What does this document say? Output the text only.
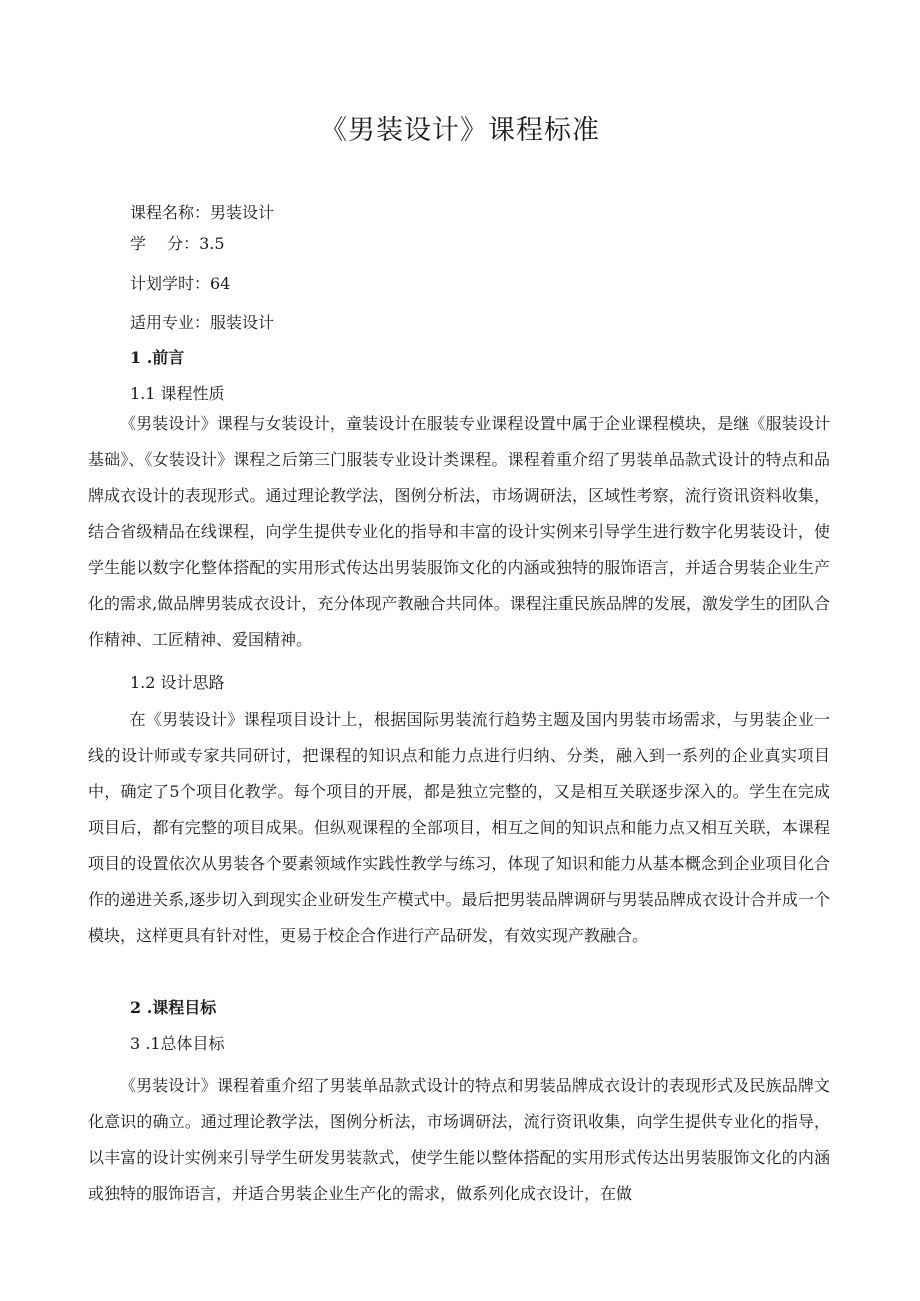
《男装设计》课程标准

课程名称：男装设计

学　 分：3.5

计划学时：64

适用专业：服装设计

1 .前言

1.1 课程性质

《男装设计》课程与女装设计，童装设计在服装专业课程设置中属于企业课程模块，是继《服装设计基础》、《女装设计》课程之后第三门服装专业设计类课程。课程着重介绍了男装单品款式设计的特点和品牌成衣设计的表现形式。通过理论教学法，图例分析法，市场调研法，区域性考察，流行资讯资料收集，结合省级精品在线课程，向学生提供专业化的指导和丰富的设计实例来引导学生进行数字化男装设计，使学生能以数字化整体搭配的实用形式传达出男装服饰文化的内涵或独特的服饰语言，并适合男装企业生产化的需求,做品牌男装成衣设计，充分体现产教融合共同体。课程注重民族品牌的发展，激发学生的团队合作精神、工匠精神、爱国精神。

1.2 设计思路

在《男装设计》课程项目设计上，根据国际男装流行趋势主题及国内男装市场需求，与男装企业一线的设计师或专家共同研讨，把课程的知识点和能力点进行归纳、分类，融入到一系列的企业真实项目中，确定了5个项目化教学。每个项目的开展，都是独立完整的，又是相互关联逐步深入的。学生在完成项目后，都有完整的项目成果。但纵观课程的全部项目，相互之间的知识点和能力点又相互关联，本课程项目的设置依次从男装各个要素领域作实践性教学与练习，体现了知识和能力从基本概念到企业项目化合作的递进关系,逐步切入到现实企业研发生产模式中。最后把男装品牌调研与男装品牌成衣设计合并成一个模块，这样更具有针对性，更易于校企合作进行产品研发，有效实现产教融合。

2 .课程目标

3 .1总体目标

《男装设计》课程着重介绍了男装单品款式设计的特点和男装品牌成衣设计的表现形式及民族品牌文化意识的确立。通过理论教学法，图例分析法，市场调研法，流行资讯收集，向学生提供专业化的指导，以丰富的设计实例来引导学生研发男装款式，使学生能以整体搭配的实用形式传达出男装服饰文化的内涵或独特的服饰语言，并适合男装企业生产化的需求，做系列化成衣设计，在做
